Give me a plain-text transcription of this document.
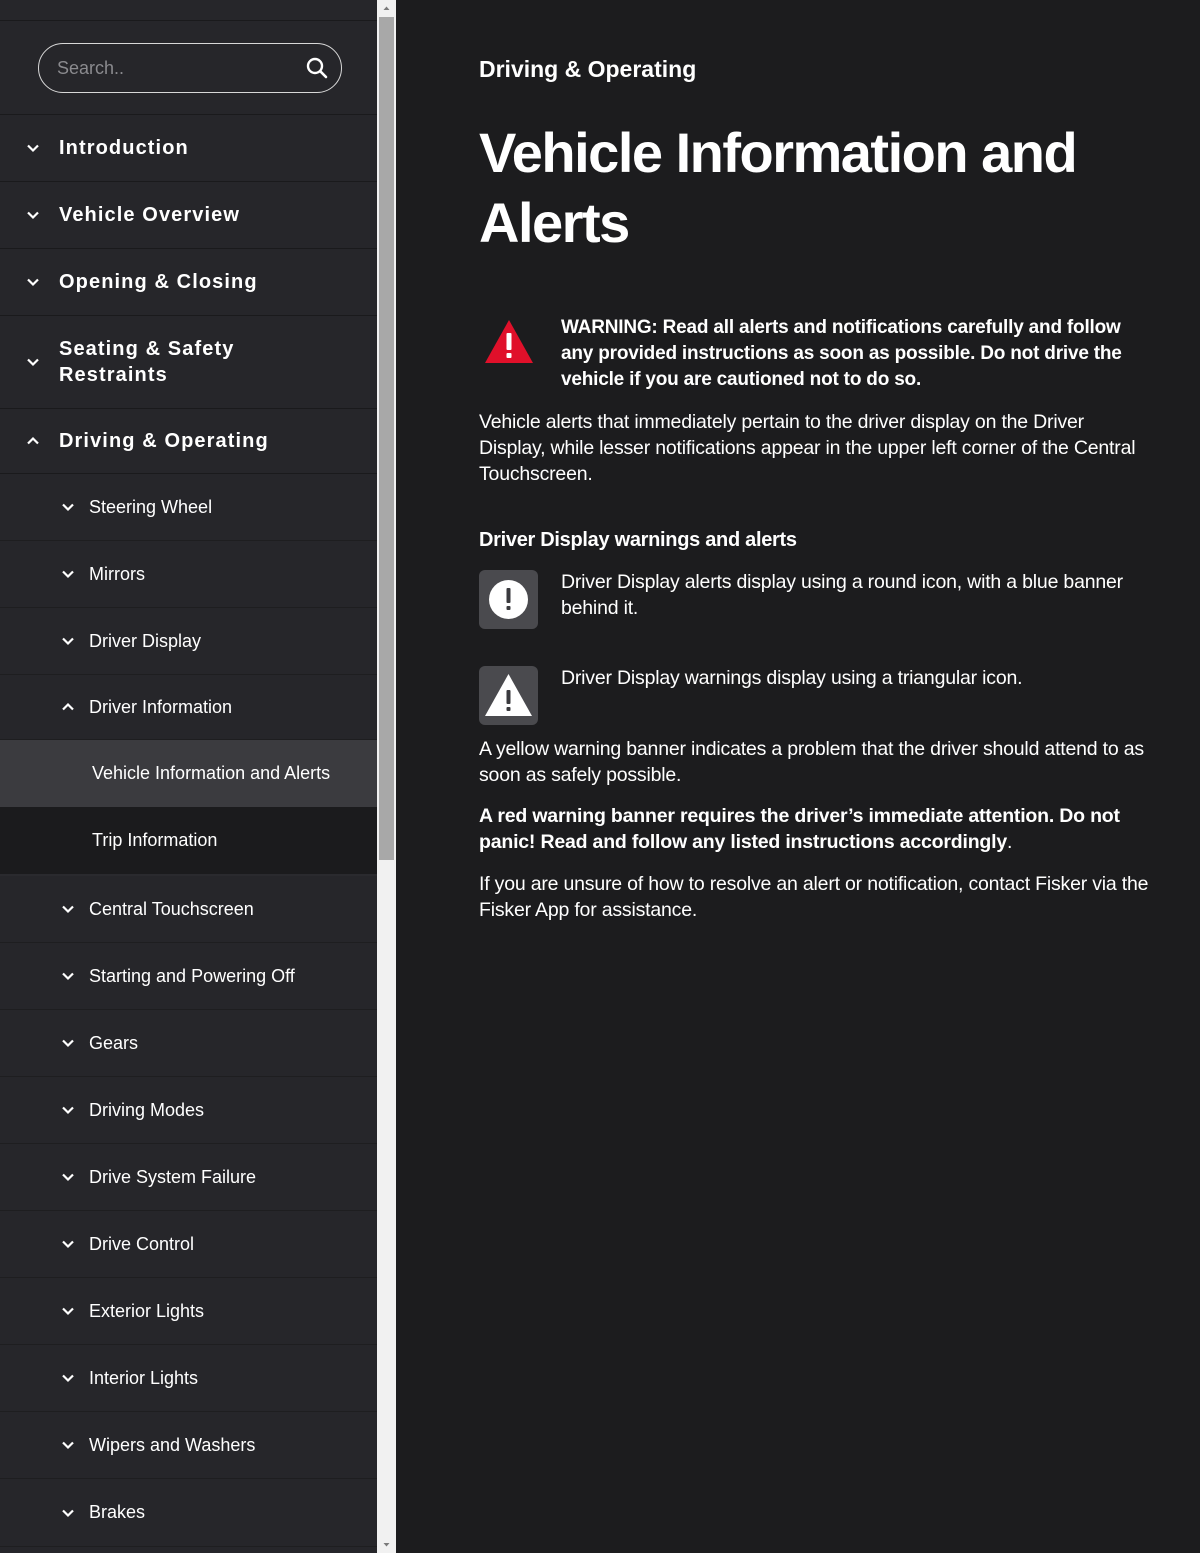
Search..
Introduction
Vehicle Overview
Opening & Closing
Seating & Safety Restraints
Driving & Operating
Steering Wheel
Mirrors
Driver Display
Driver Information
Vehicle Information and Alerts
Trip Information
Central Touchscreen
Starting and Powering Off
Gears
Driving Modes
Drive System Failure
Drive Control
Exterior Lights
Interior Lights
Wipers and Washers
Brakes
Driving & Operating
Vehicle Information and Alerts

WARNING: Read all alerts and notifications carefully and follow any provided instructions as soon as possible. Do not drive the vehicle if you are cautioned not to do so.

Vehicle alerts that immediately pertain to the driver display on the Driver Display, while lesser notifications appear in the upper left corner of the Central Touchscreen.

Driver Display warnings and alerts

Driver Display alerts display using a round icon, with a blue banner behind it.

Driver Display warnings display using a triangular icon.

A yellow warning banner indicates a problem that the driver should attend to as soon as safely possible.

A red warning banner requires the driver’s immediate attention. Do not panic! Read and follow any listed instructions accordingly.

If you are unsure of how to resolve an alert or notification, contact Fisker via the Fisker App for assistance.
